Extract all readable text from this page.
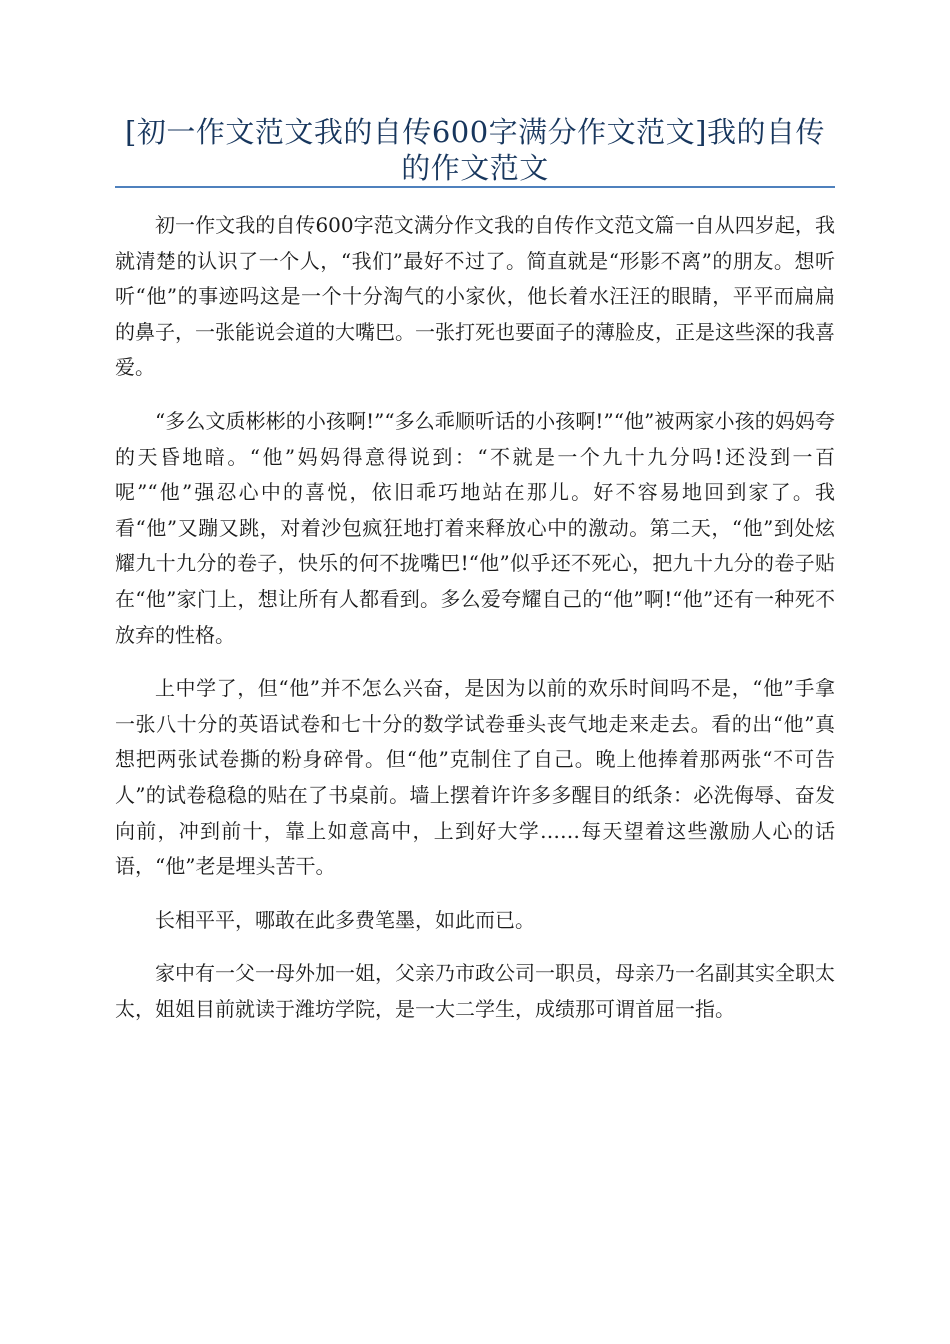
[初一作文范文我的自传600字满分作文范文]我的自传的作文范文

初一作文我的自传600字范文满分作文我的自传作文范文篇一自从四岁起，我就清楚的认识了一个人，“我们”最好不过了。简直就是“形影不离”的朋友。想听听“他”的事迹吗这是一个十分淘气的小家伙，他长着水汪汪的眼睛，平平而扁扁的鼻子，一张能说会道的大嘴巴。一张打死也要面子的薄脸皮，正是这些深的我喜爱。

“多么文质彬彬的小孩啊!”“多么乖顺听话的小孩啊!”“他”被两家小孩的妈妈夸的天昏地暗。“他”妈妈得意得说到：“不就是一个九十九分吗!还没到一百呢”“他”强忍心中的喜悦，依旧乖巧地站在那儿。好不容易地回到家了。我看“他”又蹦又跳，对着沙包疯狂地打着来释放心中的激动。第二天，“他”到处炫耀九十九分的卷子，快乐的何不拢嘴巴!“他”似乎还不死心，把九十九分的卷子贴在“他”家门上，想让所有人都看到。多么爱夸耀自己的“他”啊!“他”还有一种死不放弃的性格。

上中学了，但“他”并不怎么兴奋，是因为以前的欢乐时间吗不是，“他”手拿一张八十分的英语试卷和七十分的数学试卷垂头丧气地走来走去。看的出“他”真想把两张试卷撕的粉身碎骨。但“他”克制住了自己。晚上他捧着那两张“不可告人”的试卷稳稳的贴在了书桌前。墙上摆着许许多多醒目的纸条：必洗侮辱、奋发向前，冲到前十，靠上如意高中，上到好大学……每天望着这些激励人心的话语，“他”老是埋头苦干。

长相平平，哪敢在此多费笔墨，如此而已。

家中有一父一母外加一姐，父亲乃市政公司一职员，母亲乃一名副其实全职太太，姐姐目前就读于潍坊学院，是一大二学生，成绩那可谓首屈一指。
